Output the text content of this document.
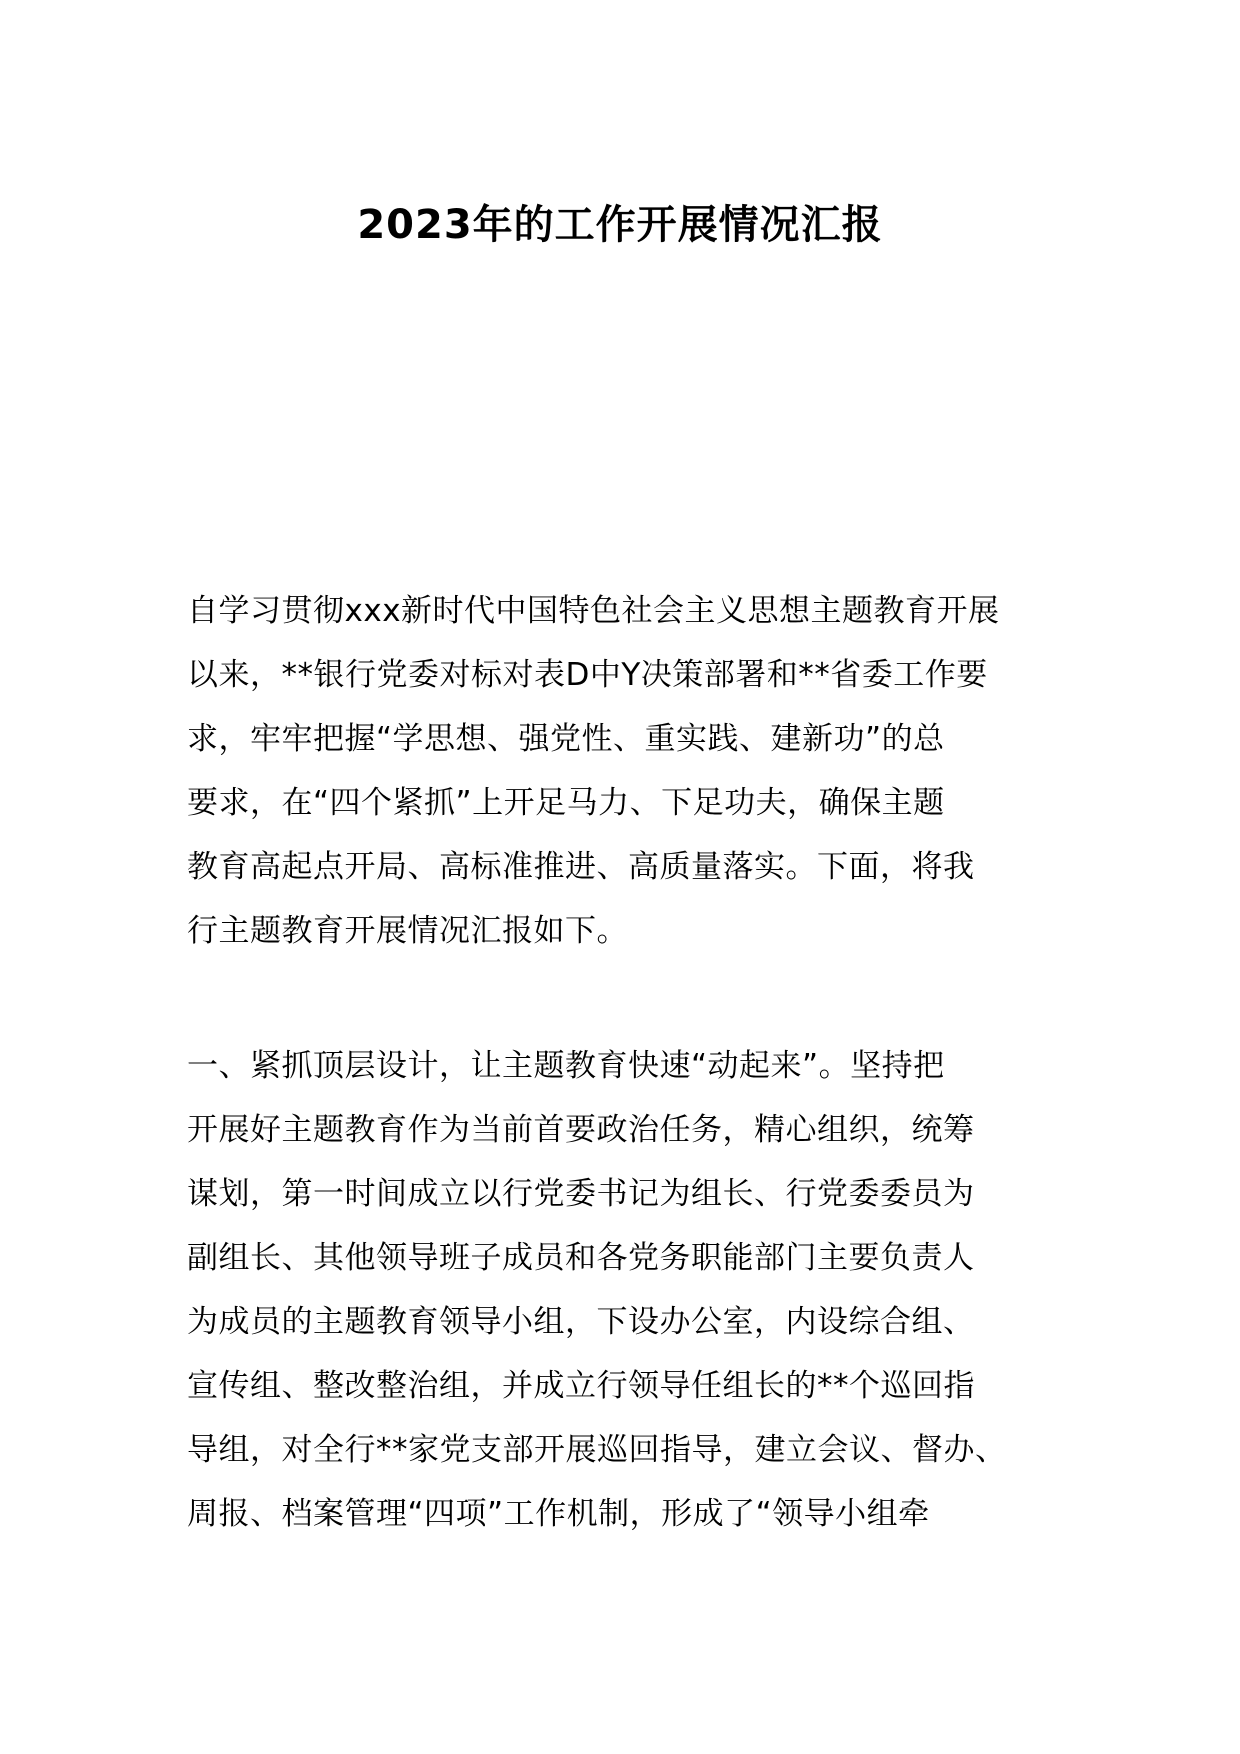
2023年的工作开展情况汇报
自学习贯彻xxx新时代中国特色社会主义思想主题教育开展
以来，**银行党委对标对表D中Y决策部署和**省委工作要
求，牢牢把握“学思想、强党性、重实践、建新功”的总
要求，在“四个紧抓”上开足马力、下足功夫，确保主题
教育高起点开局、高标准推进、高质量落实。下面，将我
行主题教育开展情况汇报如下。
一、紧抓顶层设计，让主题教育快速“动起来”。坚持把
开展好主题教育作为当前首要政治任务，精心组织，统筹
谋划，第一时间成立以行党委书记为组长、行党委委员为
副组长、其他领导班子成员和各党务职能部门主要负责人
为成员的主题教育领导小组，下设办公室，内设综合组、
宣传组、整改整治组，并成立行领导任组长的**个巡回指
导组，对全行**家党支部开展巡回指导，建立会议、督办、
周报、档案管理“四项”工作机制，形成了“领导小组牵
